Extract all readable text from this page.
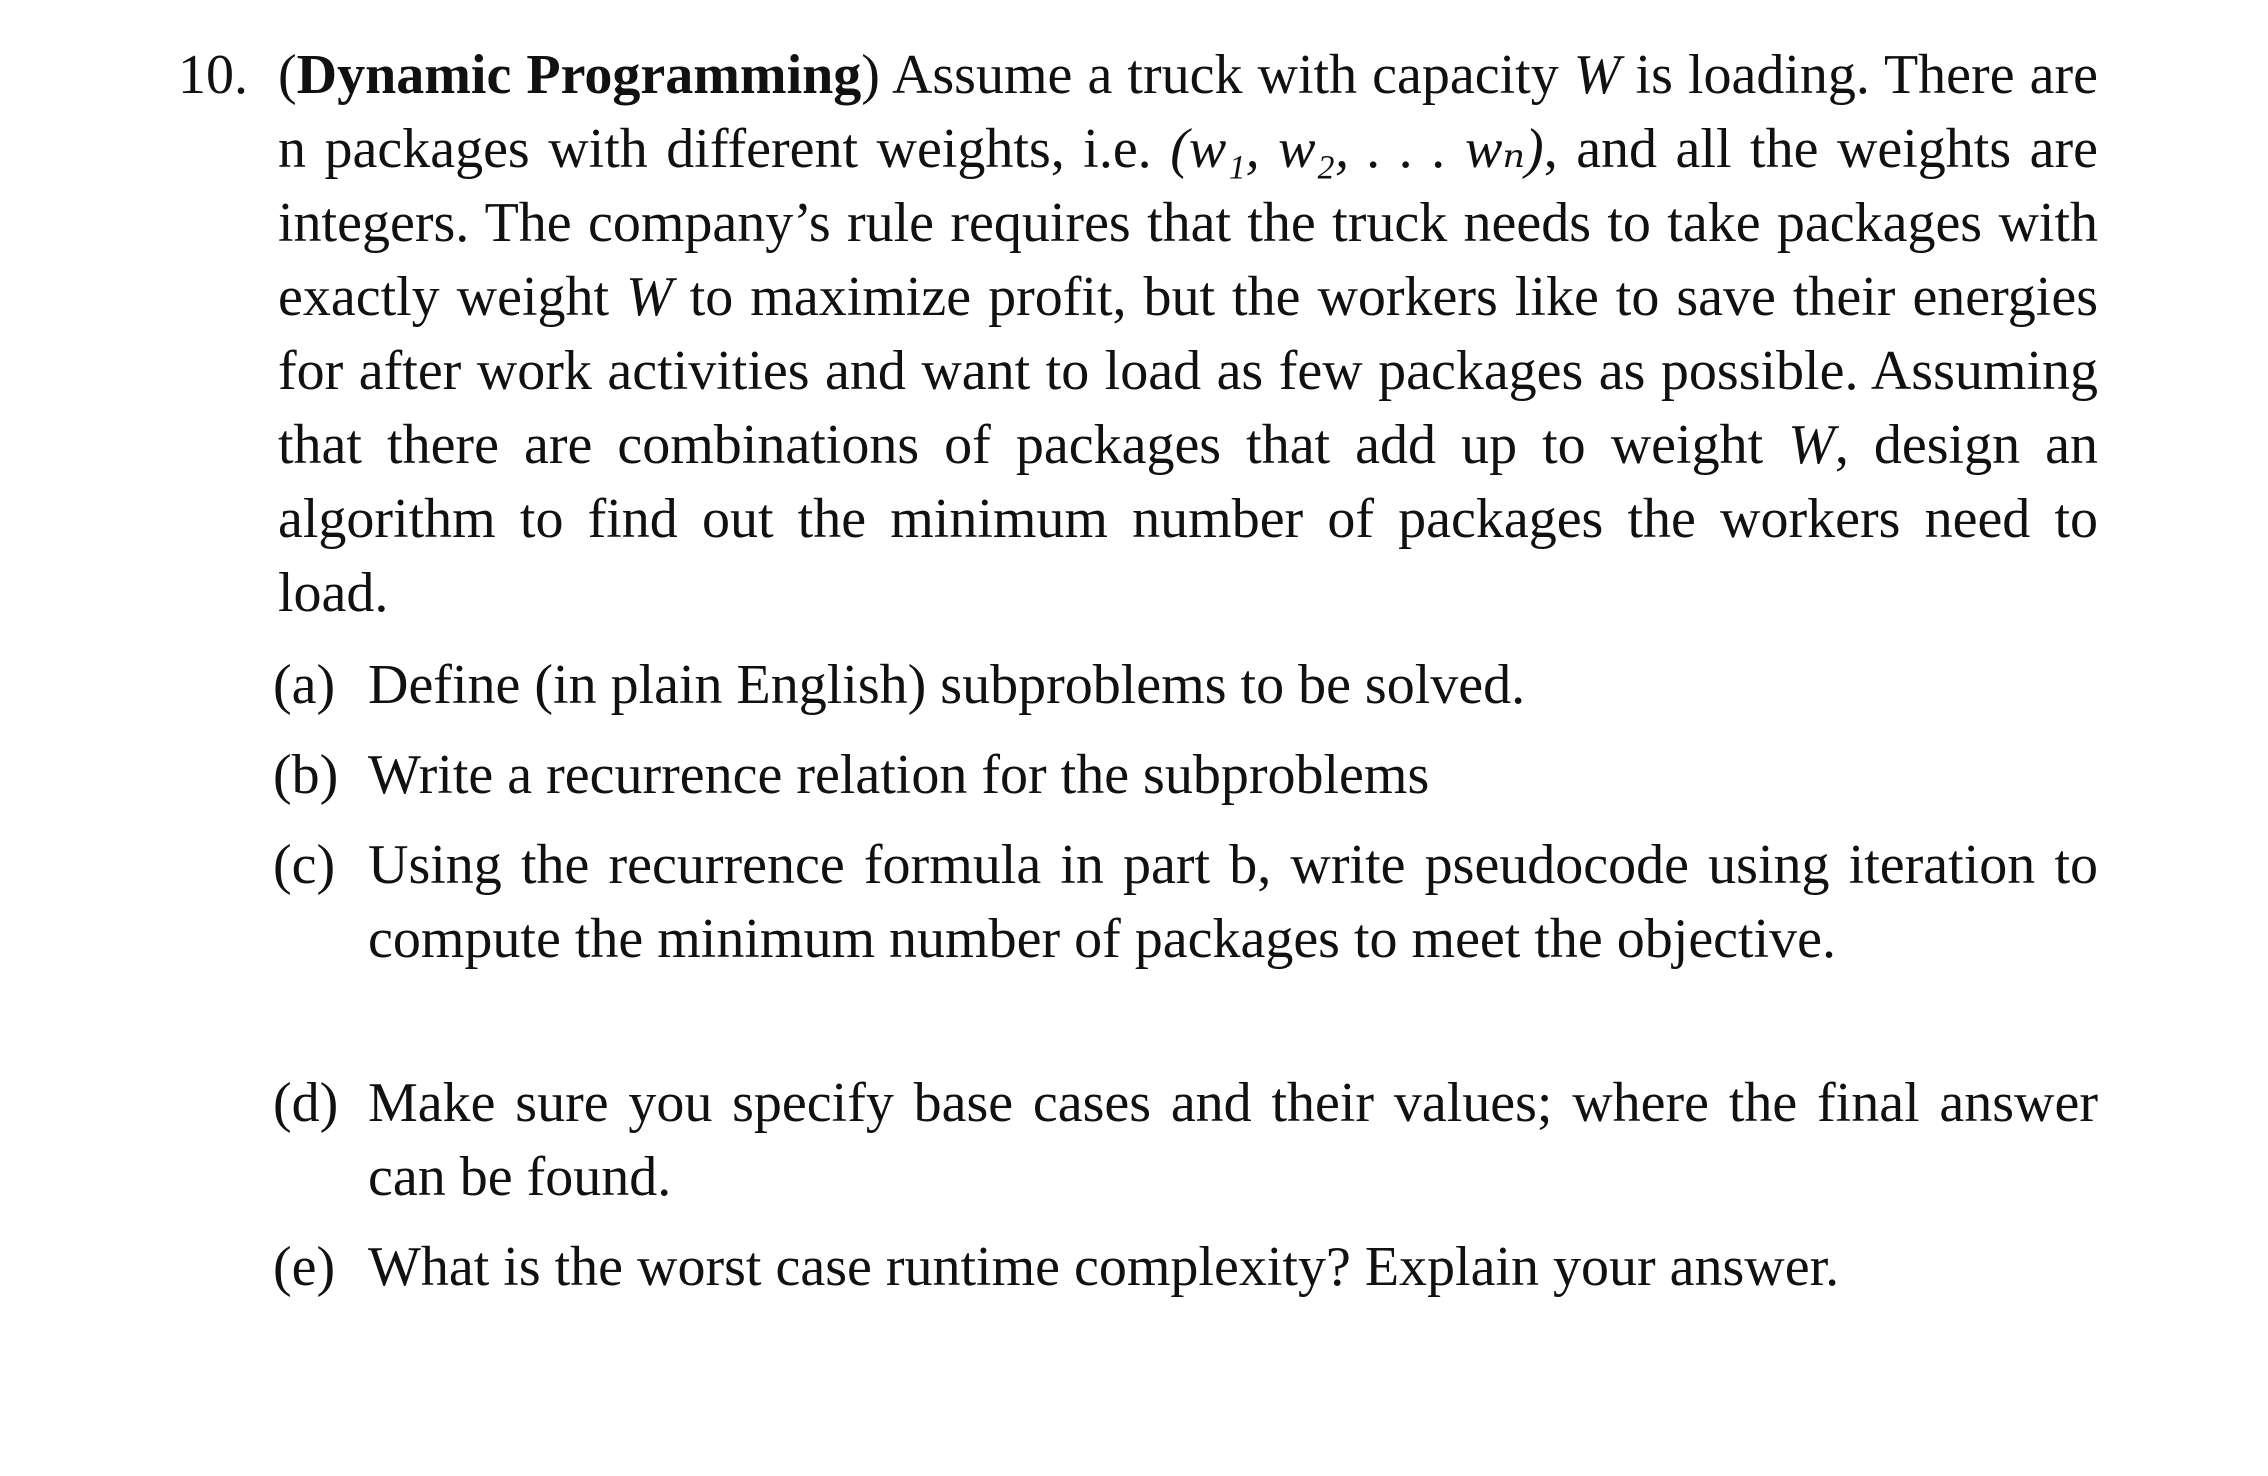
10. (Dynamic Programming) Assume a truck with capacity W is loading. There are n packages with different weights, i.e. (w₁, w₂, . . . wₙ), and all the weights are integers. The company’s rule requires that the truck needs to take packages with exactly weight W to maximize profit, but the workers like to save their energies for after work activities and want to load as few packages as possible. Assuming that there are combinations of packages that add up to weight W, design an algorithm to find out the minimum number of packages the workers need to load.
(a) Define (in plain English) subproblems to be solved.
(b) Write a recurrence relation for the subproblems
(c) Using the recurrence formula in part b, write pseudocode using iteration to compute the minimum number of packages to meet the objective.
(d) Make sure you specify base cases and their values; where the final answer can be found.
(e) What is the worst case runtime complexity? Explain your answer.
